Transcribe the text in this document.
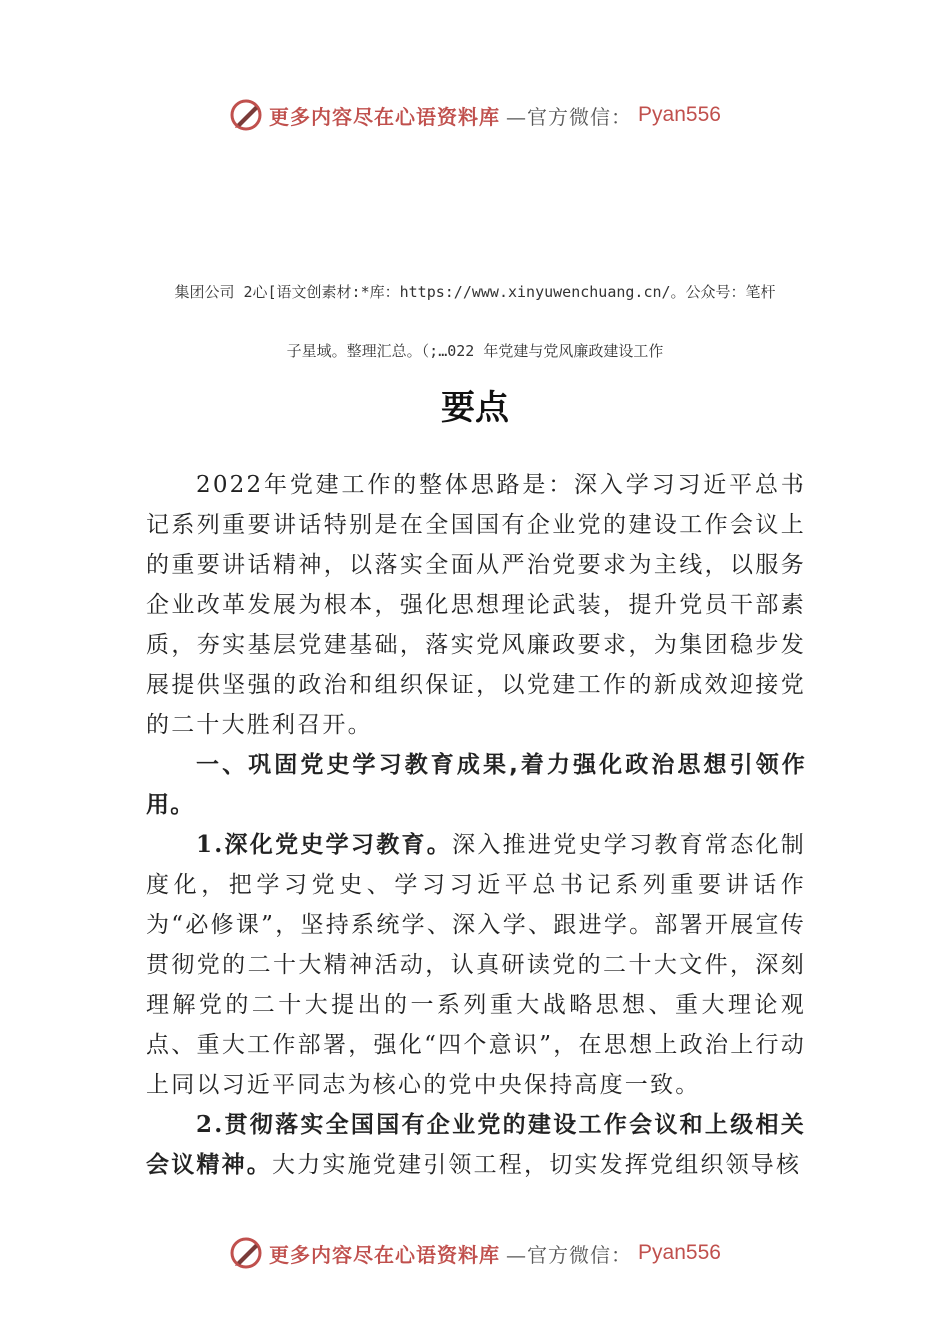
更多内容尽在心语资料库 —官方微信： Pyan556
集团公司 2心[语文创素材:*库：https://www.xinyuwenchuang.cn/。公众号：笔杆
子星域。整理汇总。（;…022 年党建与党风廉政建设工作
要点

2022年党建工作的整体思路是：深入学习习近平总书记系列重要讲话特别是在全国国有企业党的建设工作会议上的重要讲话精神，以落实全面从严治党要求为主线，以服务企业改革发展为根本，强化思想理论武装，提升党员干部素质，夯实基层党建基础，落实党风廉政要求，为集团稳步发展提供坚强的政治和组织保证，以党建工作的新成效迎接党的二十大胜利召开。

一、巩固党史学习教育成果,着力强化政治思想引领作用。

1.深化党史学习教育。深入推进党史学习教育常态化制度化，把学习党史、学习习近平总书记系列重要讲话作为“必修课”，坚持系统学、深入学、跟进学。部署开展宣传贯彻党的二十大精神活动，认真研读党的二十大文件，深刻理解党的二十大提出的一系列重大战略思想、重大理论观点、重大工作部署，强化“四个意识”，在思想上政治上行动上同以习近平同志为核心的党中央保持高度一致。

2.贯彻落实全国国有企业党的建设工作会议和上级相关会议精神。大力实施党建引领工程，切实发挥党组织领导核

更多内容尽在心语资料库 —官方微信： Pyan556
